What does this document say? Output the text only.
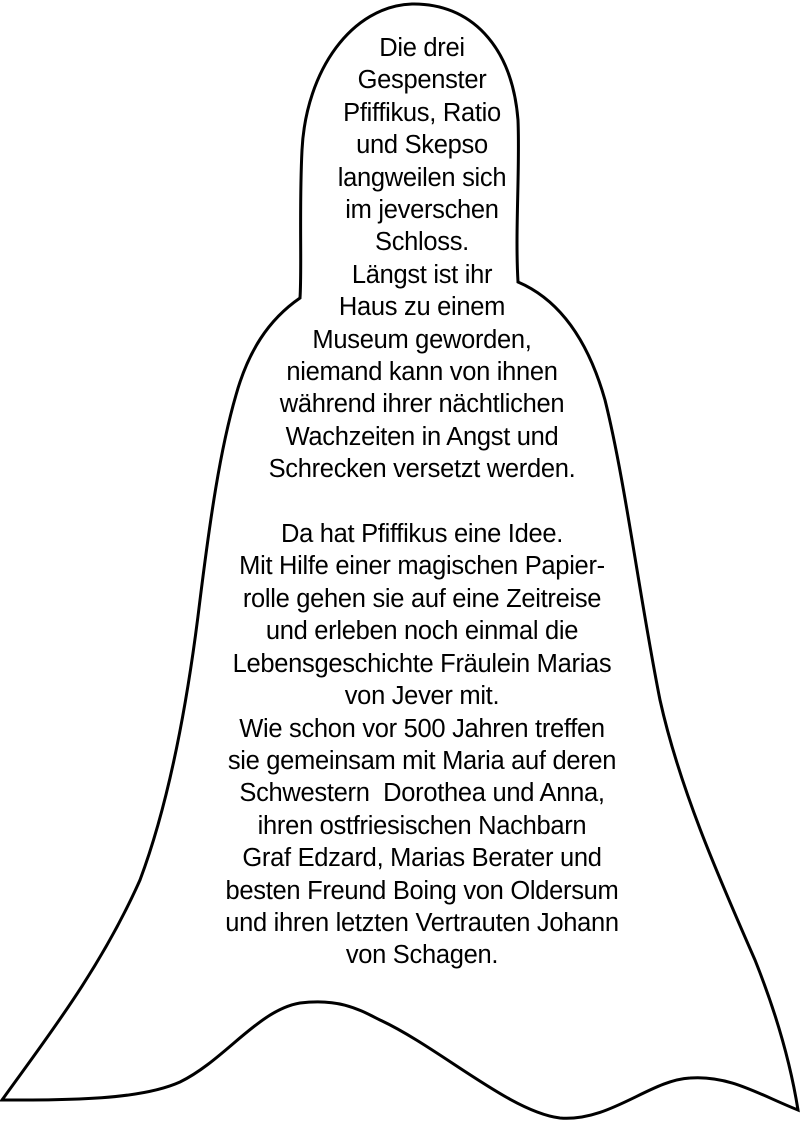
Die drei
Gespenster
Pfiffikus, Ratio
und Skepso
langweilen sich
im jeverschen
Schloss.
Längst ist ihr
Haus zu einem
Museum geworden,
niemand kann von ihnen
während ihrer nächtlichen
Wachzeiten in Angst und
Schrecken versetzt werden.
Da hat Pfiffikus eine Idee.
Mit Hilfe einer magischen Papier-
rolle gehen sie auf eine Zeitreise
und erleben noch einmal die
Lebensgeschichte Fräulein Marias
von Jever mit.
Wie schon vor 500 Jahren treffen
sie gemeinsam mit Maria auf deren
Schwestern  Dorothea und Anna,
ihren ostfriesischen Nachbarn
Graf Edzard, Marias Berater und
besten Freund Boing von Oldersum
und ihren letzten Vertrauten Johann
von Schagen.
